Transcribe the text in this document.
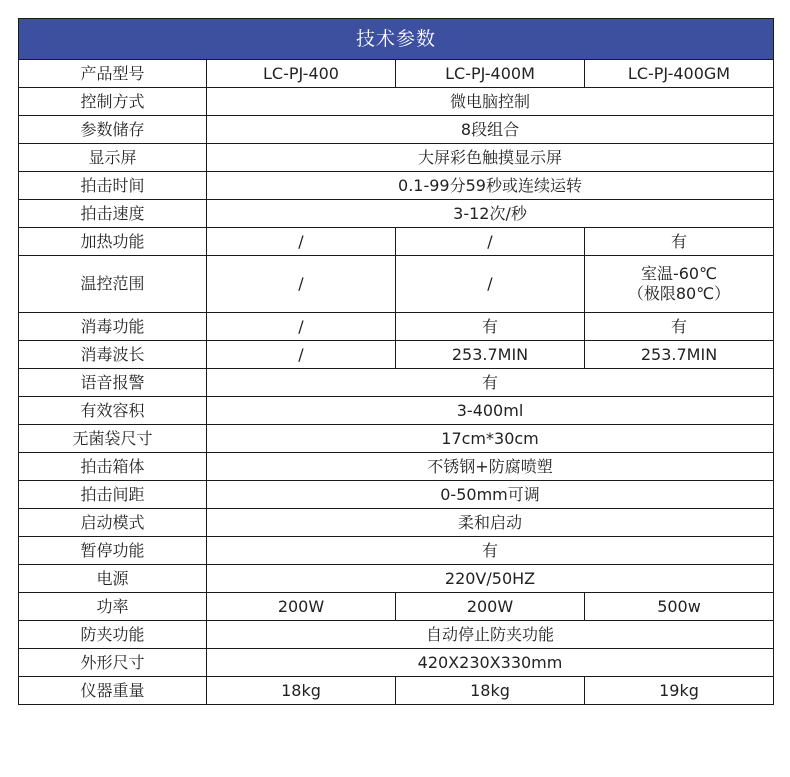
技术参数			
产品型号	LC-PJ-400	LC-PJ-400M	LC-PJ-400GM
控制方式	微电脑控制		
参数储存	8段组合		
显示屏	大屏彩色触摸显示屏		
拍击时间	0.1-99分59秒或连续运转		
拍击速度	3-12次/秒		
加热功能	/	/	有
温控范围	/	/	室温-60℃
（极限80℃）

消毒功能	/	有	有
消毒波长	/	253.7MIN	253.7MIN
语音报警	有		
有效容积	3-400ml		
无菌袋尺寸	17cm*30cm		
拍击箱体	不锈钢+防腐喷塑		
拍击间距	0-50mm可调		
启动模式	柔和启动		
暂停功能	有		
电源	220V/50HZ		
功率	200W	200W	500w
防夹功能	自动停止防夹功能		
外形尺寸	420X230X330mm		
仪器重量	18kg	18kg	19kg
